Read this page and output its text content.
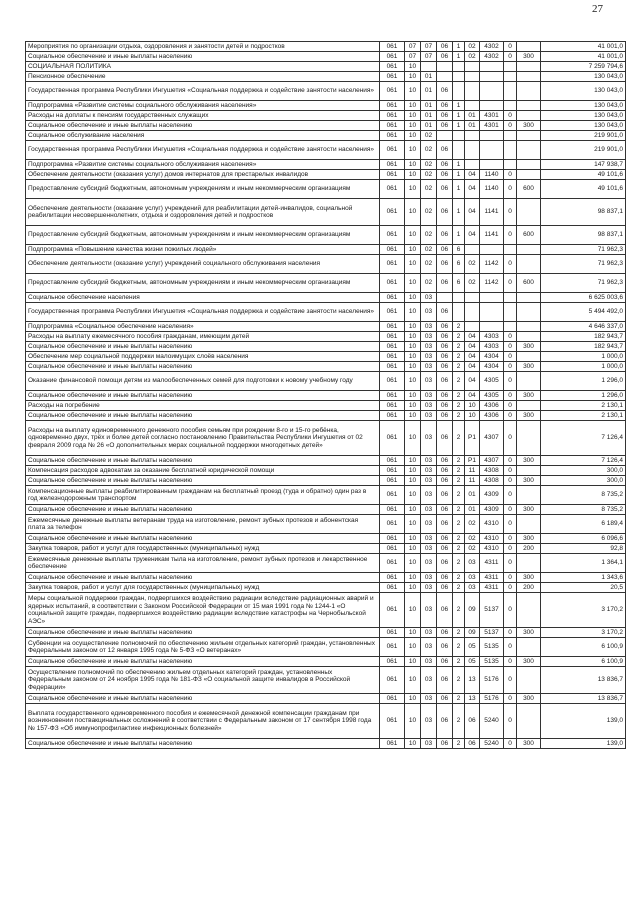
27
Мероприятия по организации отдыха, оздоровления и занятости детей и подростков	061	07	07	06	1	02	4302	0		41 001,0
Социальное обеспечение и иные выплаты населению	061	07	07	06	1	02	4302	0	300	41 001,0
СОЦИАЛЬНАЯ ПОЛИТИКА	061	10								7 259 794,6
Пенсионное обеспечение	061	10	01							130 043,0
Государственная программа Республики Ингушетия «Социальная поддержка и содействие занятости населения»	061	10	01	06						130 043,0
Подпрограмма «Развитие системы социального обслуживания населения»	061	10	01	06	1					130 043,0
Расходы на доплаты к пенсиям государственных служащих	061	10	01	06	1	01	4301	0		130 043,0
Социальное обеспечение и иные выплаты населению	061	10	01	06	1	01	4301	0	300	130 043,0
Социальное обслуживание населения	061	10	02							219 901,0
Государственная программа Республики Ингушетия «Социальная поддержка и содействие занятости населения»	061	10	02	06						219 901,0
Подпрограмма «Развитие системы социального обслуживания населения»	061	10	02	06	1					147 938,7
Обеспечение деятельности (оказания услуг) домов интернатов для престарелых инвалидов	061	10	02	06	1	04	1140	0		49 101,6
Предоставление субсидий бюджетным, автономным учреждениям и иным некоммерческим организациям	061	10	02	06	1	04	1140	0	600	49 101,6
Обеспечение деятельности (оказание услуг) учреждений для реабилитации детей-инвалидов, социальной реабилитации несовершеннолетних, отдыха и оздоровления детей и подростков	061	10	02	06	1	04	1141	0		98 837,1
Предоставление субсидий бюджетным, автономным учреждениям и иным некоммерческим организациям	061	10	02	06	1	04	1141	0	600	98 837,1
Подпрограмма «Повышение качества жизни пожилых людей»	061	10	02	06	6					71 962,3
Обеспечение деятельности (оказание услуг) учреждений социального обслуживания населения	061	10	02	06	6	02	1142	0		71 962,3
Предоставление субсидий бюджетным, автономным учреждениям и иным некоммерческим организациям	061	10	02	06	6	02	1142	0	600	71 962,3
Социальное обеспечение населения	061	10	03							6 625 003,6
Государственная программа Республики Ингушетия «Социальная поддержка и содействие занятости населения»	061	10	03	06						5 494 492,0
Подпрограмма «Социальное обеспечение населения»	061	10	03	06	2					4 646 337,0
Расходы на выплату ежемесячного пособия гражданам, имеющим детей	061	10	03	06	2	04	4303	0		182 943,7
Социальное обеспечение и иные выплаты населению	061	10	03	06	2	04	4303	0	300	182 943,7
Обеспечение мер социальной поддержки малоимущих слоёв населения	061	10	03	06	2	04	4304	0		1 000,0
Социальное обеспечение и иные выплаты населению	061	10	03	06	2	04	4304	0	300	1 000,0
Оказание финансовой помощи детям из малообеспеченных семей для подготовки к новому учебному году	061	10	03	06	2	04	4305	0		1 296,0
Социальное обеспечение и иные выплаты населению	061	10	03	06	2	04	4305	0	300	1 296,0
Расходы на погребение	061	10	03	06	2	10	4306	0		2 130,1
Социальное обеспечение и иные выплаты населению	061	10	03	06	2	10	4306	0	300	2 130,1
Расходы на выплату единовременного денежного пособия семьям при рождении 8-го и 15-го ребёнка, одновременно двух, трёх и более детей согласно постановлению Правительства Республики Ингушетия от 02 февраля 2009 года № 26 «О дополнительных мерах социальной поддержки многодетных детей»	061	10	03	06	2	P1	4307	0		7 126,4
Социальное обеспечение и иные выплаты населению	061	10	03	06	2	P1	4307	0	300	7 126,4
Компенсация расходов адвокатам за оказание бесплатной юридической помощи	061	10	03	06	2	11	4308	0		300,0
Социальное обеспечение и иные выплаты населению	061	10	03	06	2	11	4308	0	300	300,0
Компенсационные выплаты реабилитированным гражданам на бесплатный проезд (туда и обратно) один раз в год железнодорожным транспортом	061	10	03	06	2	01	4309	0		8 735,2
Социальное обеспечение и иные выплаты населению	061	10	03	06	2	01	4309	0	300	8 735,2
Ежемесячные денежные выплаты ветеранам труда на изготовление, ремонт зубных протезов и абонентская плата за телефон	061	10	03	06	2	02	4310	0		6 189,4
Социальное обеспечение и иные выплаты населению	061	10	03	06	2	02	4310	0	300	6 096,6
Закупка товаров, работ и услуг для государственных (муниципальных) нужд	061	10	03	06	2	02	4310	0	200	92,8
Ежемесячные денежные выплаты труженикам тыла на изготовление, ремонт зубных протезов и лекарственное обеспечение	061	10	03	06	2	03	4311	0		1 364,1
Социальное обеспечение и иные выплаты населению	061	10	03	06	2	03	4311	0	300	1 343,6
Закупка товаров, работ и услуг для государственных (муниципальных) нужд	061	10	03	06	2	03	4311	0	200	20,5
Меры социальной поддержки граждан, подвергшихся воздействию радиации вследствие радиационных аварий и ядерных испытаний, в соответствии с Законом Российской Федерации от 15 мая 1991 года № 1244-1 «О социальной защите граждан, подвергшихся воздействию радиации вследствие катастрофы на Чернобыльской АЭС»	061	10	03	06	2	09	5137	0		3 170,2
Социальное обеспечение и иные выплаты населению	061	10	03	06	2	09	5137	0	300	3 170,2
Субвенции на осуществление полномочий по обеспечению жильем отдельных категорий граждан, установленных Федеральным законом от 12 января 1995 года № 5-ФЗ «О ветеранах»	061	10	03	06	2	05	5135	0		6 100,9
Социальное обеспечение и иные выплаты населению	061	10	03	06	2	05	5135	0	300	6 100,9
Осуществление полномочий по обеспечению жильем отдельных категорий граждан, установленных Федеральным законом от 24 ноября 1995 года № 181-ФЗ «О социальной защите инвалидов в Российской Федерации»	061	10	03	06	2	13	5176	0		13 836,7
Социальное обеспечение и иные выплаты населению	061	10	03	06	2	13	5176	0	300	13 836,7
Выплата государственного единовременного пособия и ежемесячной денежной компенсации гражданам при возникновении поствакцинальных осложнений в соответствии с Федеральным законом от 17 сентября 1998 года № 157-ФЗ «Об иммунопрофилактике инфекционных болезней»	061	10	03	06	2	06	5240	0		139,0
Социальное обеспечение и иные выплаты населению	061	10	03	06	2	06	5240	0	300	139,0
